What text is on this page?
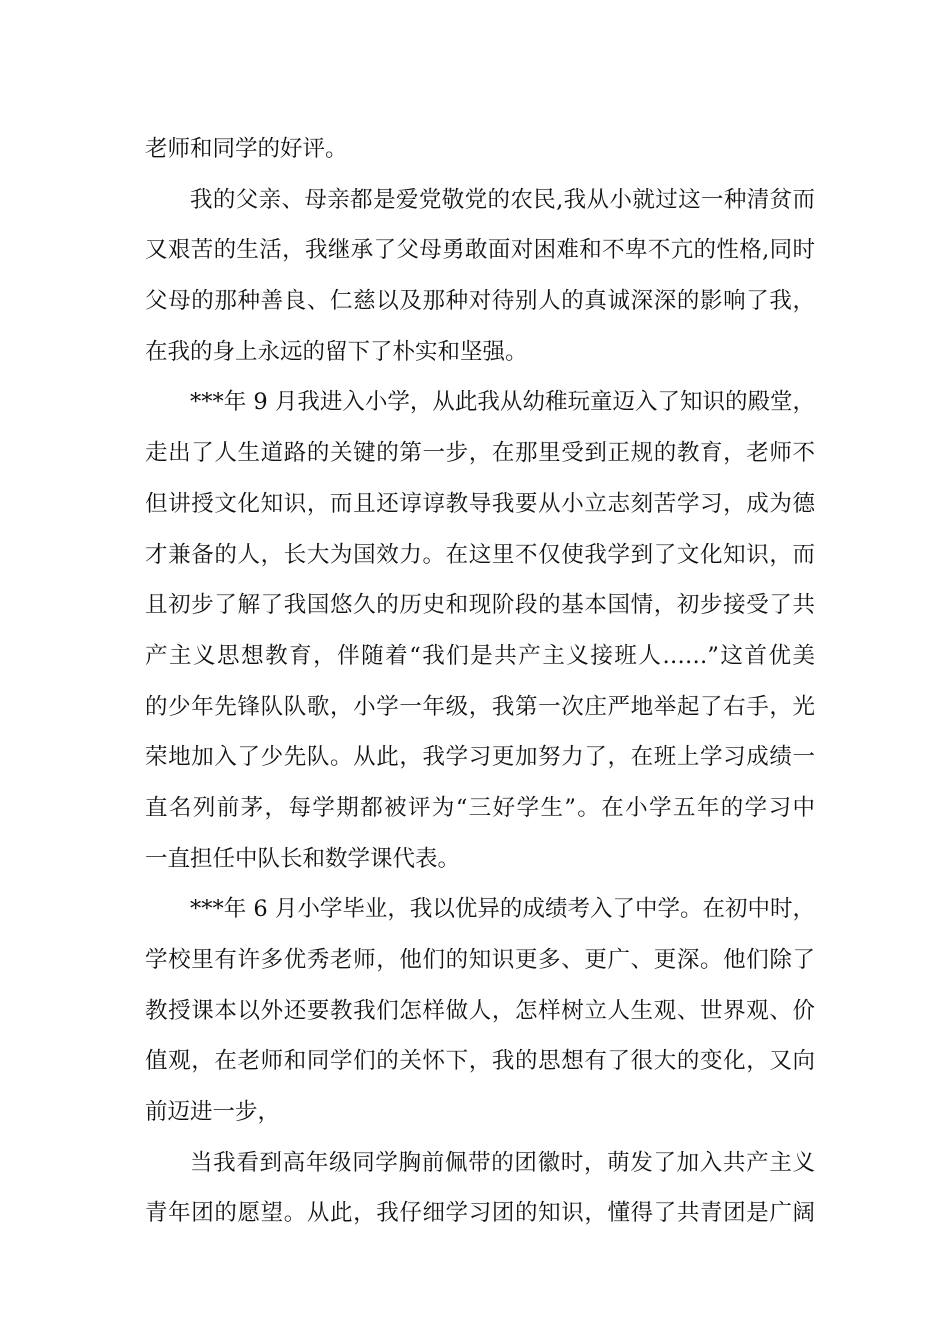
老师和同学的好评。
我的父亲、母亲都是爱党敬党的农民,我从小就过这一种清贫而
又艰苦的生活，我继承了父母勇敢面对困难和不卑不亢的性格,同时
父母的那种善良、仁慈以及那种对待别人的真诚深深的影响了我，
在我的身上永远的留下了朴实和坚强。
***年 9 月我进入小学，从此我从幼稚玩童迈入了知识的殿堂，
走出了人生道路的关键的第一步，在那里受到正规的教育，老师不
但讲授文化知识，而且还谆谆教导我要从小立志刻苦学习，成为德
才兼备的人，长大为国效力。在这里不仅使我学到了文化知识，而
且初步了解了我国悠久的历史和现阶段的基本国情，初步接受了共
产主义思想教育，伴随着“我们是共产主义接班人……”这首优美
的少年先锋队队歌，小学一年级，我第一次庄严地举起了右手，光
荣地加入了少先队。从此，我学习更加努力了，在班上学习成绩一
直名列前茅，每学期都被评为“三好学生”。在小学五年的学习中
一直担任中队长和数学课代表。
***年 6 月小学毕业，我以优异的成绩考入了中学。在初中时，
学校里有许多优秀老师，他们的知识更多、更广、更深。他们除了
教授课本以外还要教我们怎样做人，怎样树立人生观、世界观、价
值观，在老师和同学们的关怀下，我的思想有了很大的变化，又向
前迈进一步，
当我看到高年级同学胸前佩带的团徽时，萌发了加入共产主义
青年团的愿望。从此，我仔细学习团的知识，懂得了共青团是广阔
